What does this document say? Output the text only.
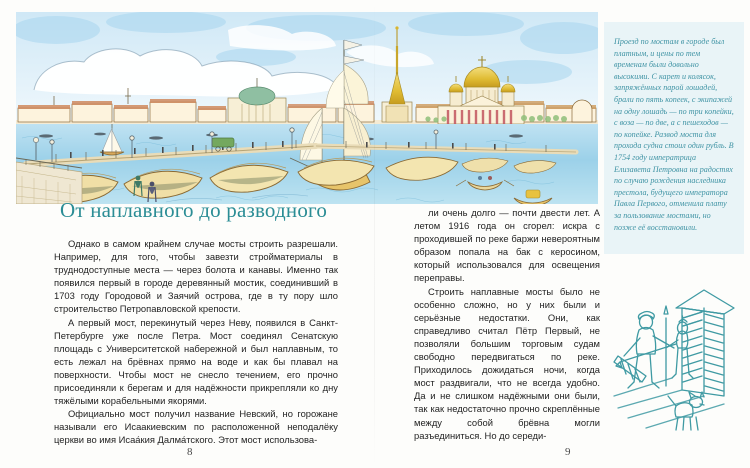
От наплавного до разводного

Однако в самом крайнем случае мосты строить разрешали. Например, для того, чтобы завезти стройматериалы в труднодоступные места — через болота и канавы. Именно так появился первый в городе деревянный мостик, соединивший в 1703 году Городовой и Заячий острова, где в ту пору шло строительство Петропавловской крепости.

А первый мост, перекинутый через Неву, появился в Санкт-Петербурге уже после Петра. Мост соединял Сенатскую площадь с Университетской набережной и был наплавным, то есть лежал на брёвнах прямо на воде и как бы плавал на поверхности. Чтобы мост не снесло течением, его прочно присоединяли к берегам и для надёжности прикрепляли ко дну тяжёлыми корабельными якорями.

Официально мост получил название Невский, но горожане называли его Исаакиевским по расположенной неподалёку церкви во имя Исаа́кия Далма́тского. Этот мост использова-

ли очень долго — почти двести лет. А летом 1916 года он сгорел: искра с проходившей по реке баржи невероятным образом попала на бак с керосином, который использовался для освещения переправы.

Строить наплавные мосты было не особенно сложно, но у них были и серьёзные недостатки. Они, как справедливо считал Пётр Первый, не позволяли большим торговым судам свободно передвигаться по реке. Приходилось дожидаться ночи, когда мост раздвигали, что не всегда удобно. Да и не слишком надёжными они были, так как недостаточно прочно скреплённые между собой брёвна могли разъединиться. Но до середи-

Проезд по мостам в городе был платным, и цены по тем временам были довольно высокими. С карет и колясок, запряжённых парой лошадей, брали по пять копеек, с экипажей на одну лошадь — по три копейки, с воза — по две, а с пешеходов — по копейке. Развод моста для прохода судна стоил один рубль. В 1754 году императрица Елизавета Петровна на радостях по случаю рождения наследника престола, будущего императора Павла Первого, отменила плату за пользование мостами, но позже её восстановили.
8	9
